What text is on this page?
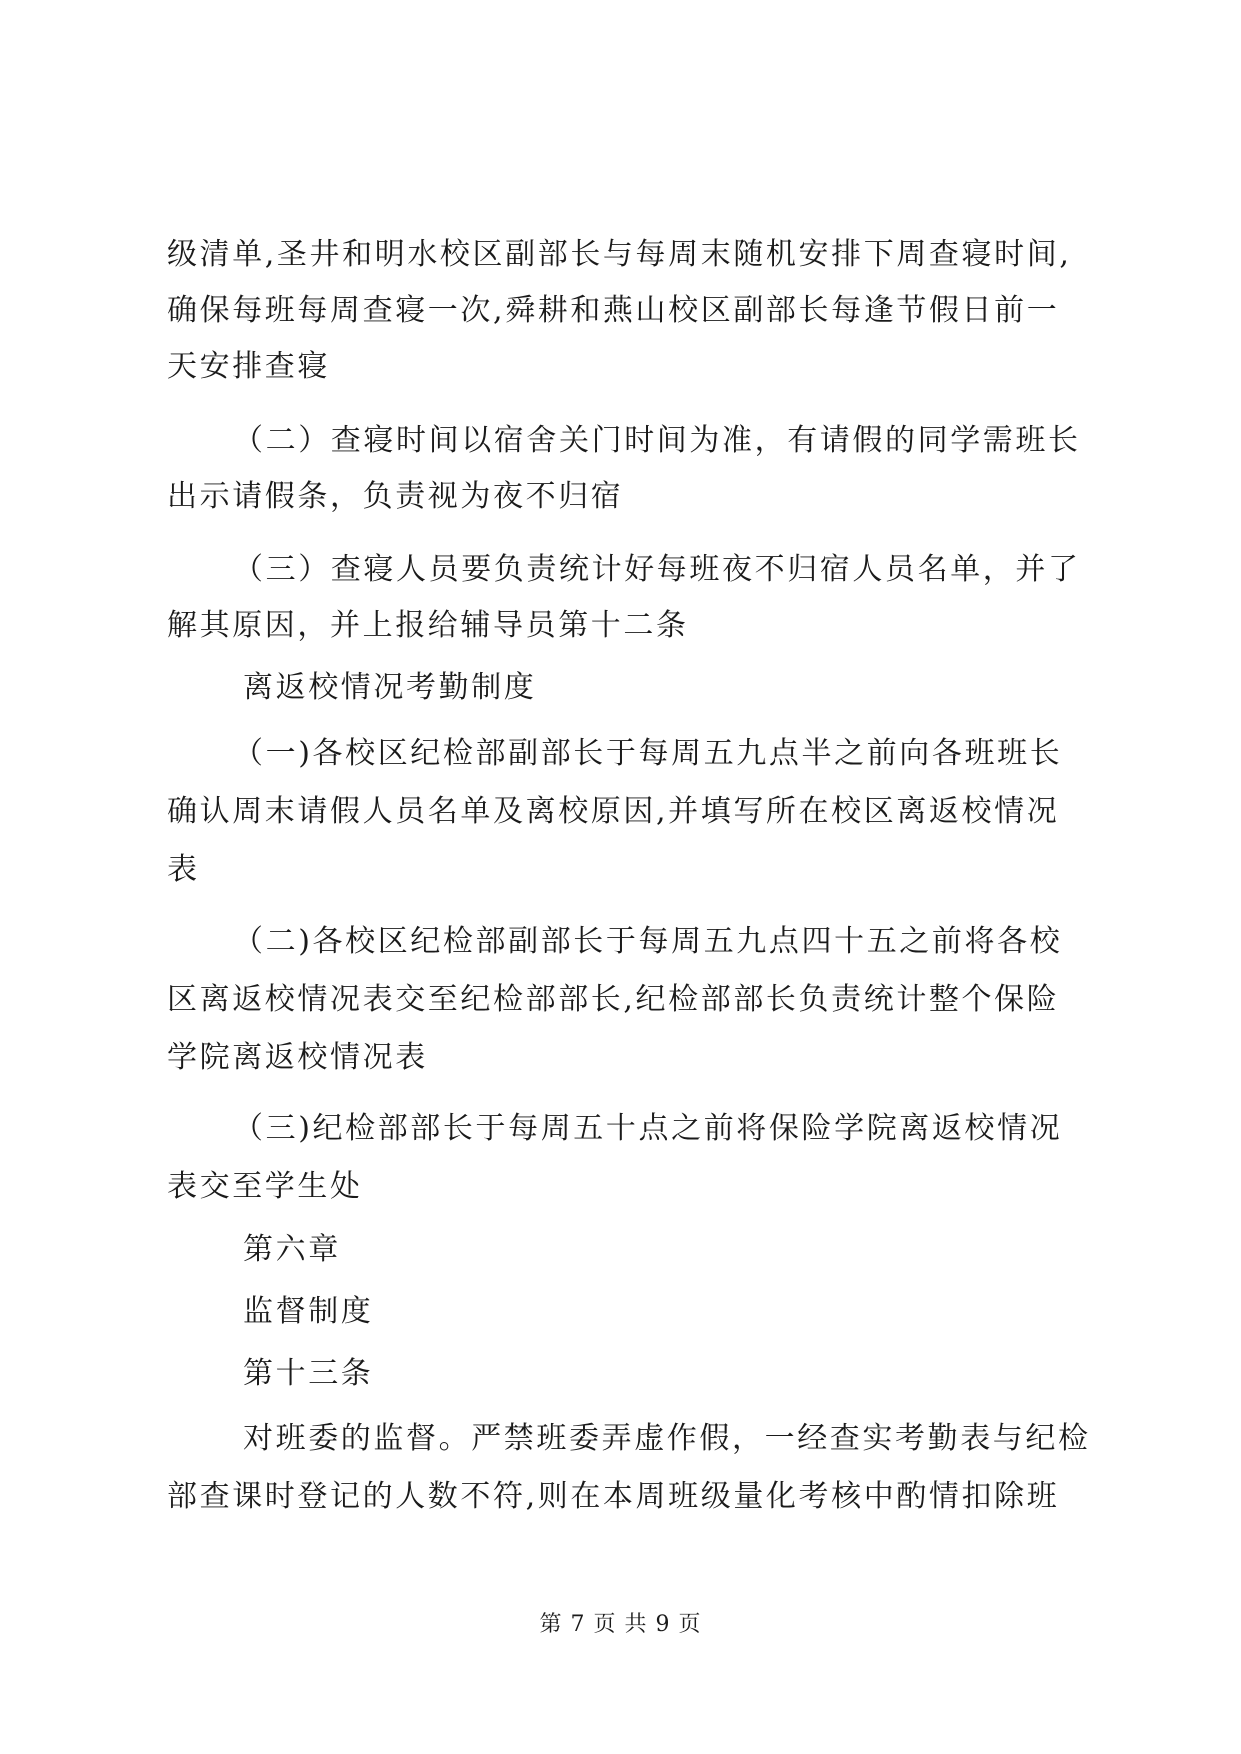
级清单,圣井和明水校区副部长与每周末随机安排下周查寝时间,
确保每班每周查寝一次,舜耕和燕山校区副部长每逢节假日前一
天安排查寝
（二）查寝时间以宿舍关门时间为准，有请假的同学需班长
出示请假条，负责视为夜不归宿
（三）查寝人员要负责统计好每班夜不归宿人员名单，并了
解其原因，并上报给辅导员第十二条
离返校情况考勤制度
（一)各校区纪检部副部长于每周五九点半之前向各班班长
确认周末请假人员名单及离校原因,并填写所在校区离返校情况
表
（二)各校区纪检部副部长于每周五九点四十五之前将各校
区离返校情况表交至纪检部部长,纪检部部长负责统计整个保险
学院离返校情况表
（三)纪检部部长于每周五十点之前将保险学院离返校情况
表交至学生处
第六章
监督制度
第十三条
对班委的监督。严禁班委弄虚作假，一经查实考勤表与纪检
部查课时登记的人数不符,则在本周班级量化考核中酌情扣除班
第 7 页 共 9 页
